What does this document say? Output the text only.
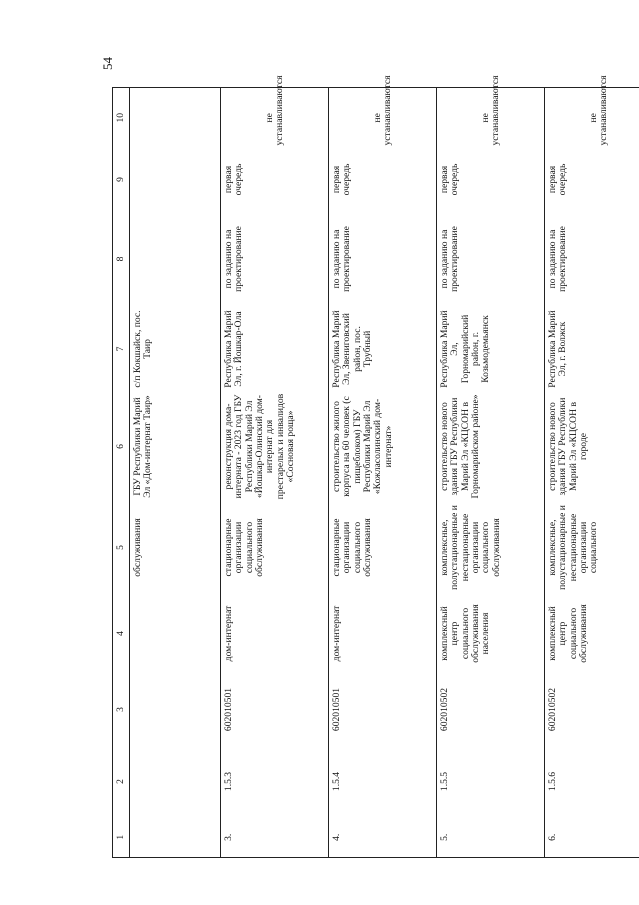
54
1	2	3	4	5	6	7	8	9	10
				обслуживания	ГБУ Республики Марий Эл «Дом-интернат Таир»	с/п Кокшайск, пос. Таир			
3.	1.5.3	602010501	дом-интернат	стационарные организации социального обслуживания	реконструкция дома-интерната - 2023 год ГБУ Республики Марий Эл «Йошкар-Олинский дом-интернат для престарелых и инвалидов «Сосновая роща»	Республика Марий Эл, г. Йошкар-Ола	по заданию на проектирование	первая очередь	не устанавливаются
4.	1.5.4	602010501	дом-интернат	стационарные организации социального обслуживания	строительство жилого корпуса на 60 человек (с пищеблоком) ГБУ Республики Марий Эл «Кожласолинский дом-интернат»	Республика Марий Эл, Звениговский район, пос. Трубный	по заданию на проектирование	первая очередь	не устанавливаются
5.	1.5.5	602010502	комплексный центр социального обслуживания населения	комплексные, полустационарные и нестационарные организации социального обслуживания	строительство нового здания ГБУ Республики Марий Эл «КЦСОН в Горномарийском районе»	Республика Марий Эл, Горномарийский район, г. Козьмодемьянск	по заданию на проектирование	первая очередь	не устанавливаются
6.	1.5.6	602010502	комплексный центр социального обслуживания	комплексные, полустационарные и нестационарные организации социального	строительство нового здания ГБУ Республики Марий Эл «КЦСОН в городе	Республика Марий Эл, г. Волжск	по заданию на проектирование	первая очередь	не устанавливаются
